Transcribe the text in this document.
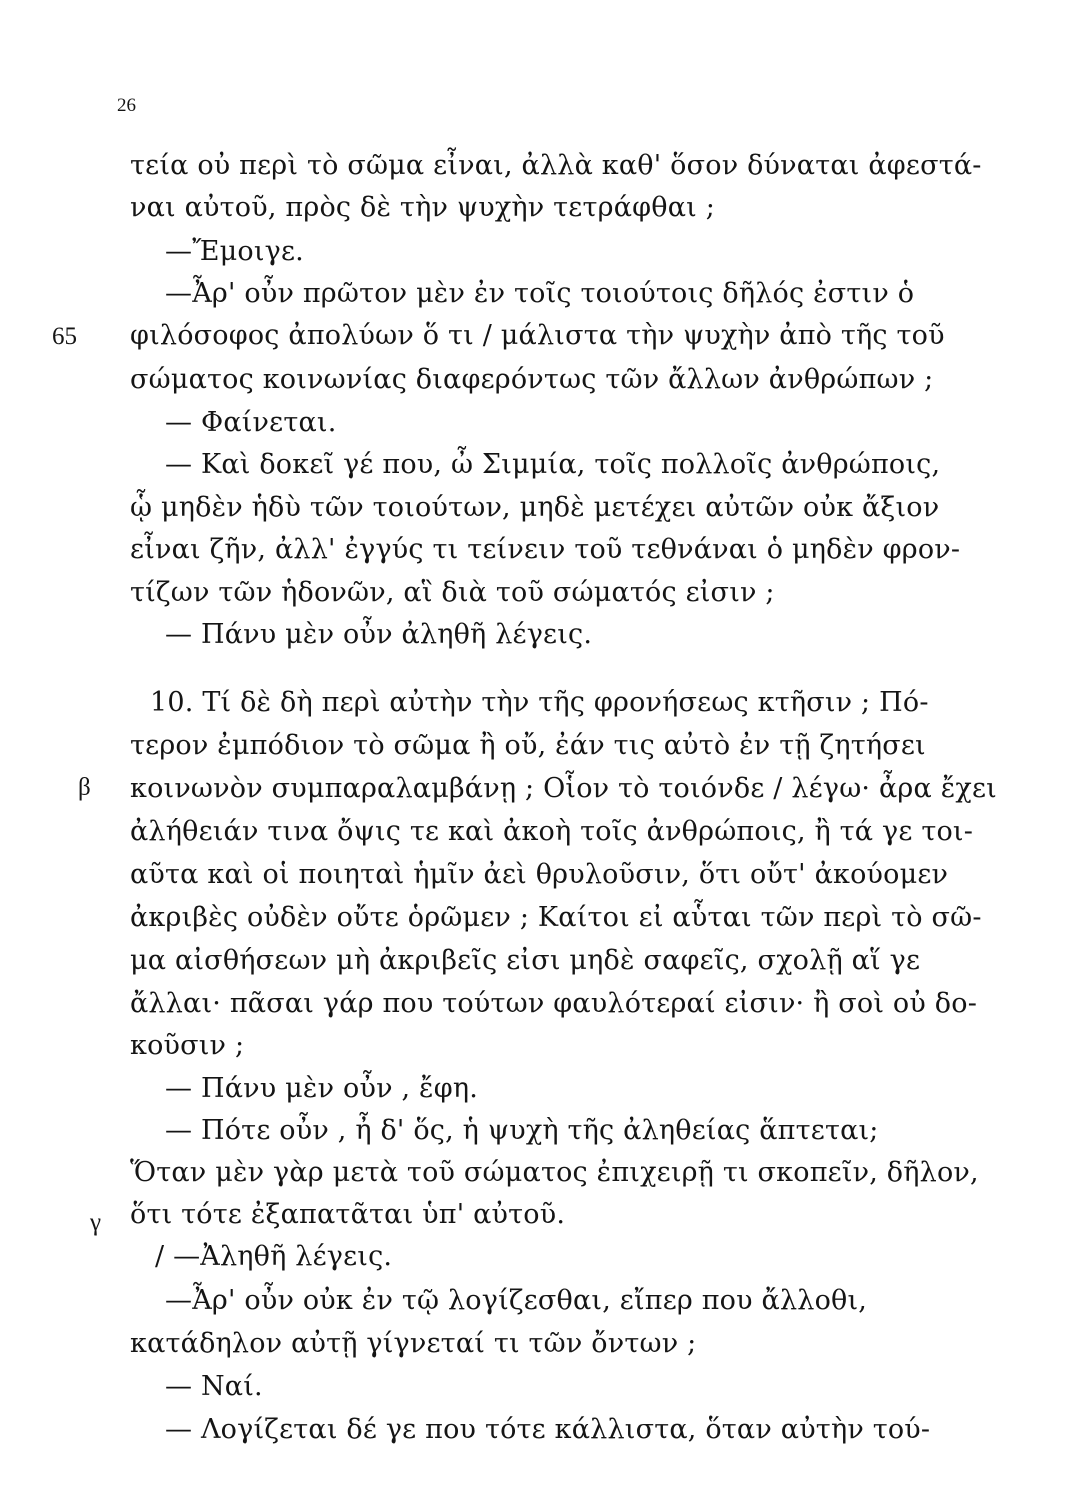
26
65
β
γ
τεία οὐ περὶ τὸ σῶμα εἶναι, ἀλλὰ καθ' ὅσον δύναται ἀφεστά-
ναι αὐτοῦ, πρὸς δὲ τὴν ψυχὴν τετράφθαι ;
—Ἔμοιγε.
—Ἆρ' οὖν πρῶτον μὲν ἐν τοῖς τοιούτοις δῆλός ἐστιν ὁ
φιλόσοφος ἀπολύων ὅ τι / μάλιστα τὴν ψυχὴν ἀπὸ τῆς τοῦ
σώματος κοινωνίας διαφερόντως τῶν ἄλλων ἀνθρώπων ;
— Φαίνεται.
— Καὶ δοκεῖ γέ που, ὦ Σιμμία, τοῖς πολλοῖς ἀνθρώποις,
ᾧ μηδὲν ἡδὺ τῶν τοιούτων, μηδὲ μετέχει αὐτῶν οὐκ ἄξιον
εἶναι ζῆν, ἀλλ' ἐγγύς τι τείνειν τοῦ τεθνάναι ὁ μηδὲν φρον-
τίζων τῶν ἡδονῶν, αἳ διὰ τοῦ σώματός εἰσιν ;
— Πάνυ μὲν οὖν ἀληθῆ λέγεις.
10. Τί δὲ δὴ περὶ αὐτὴν τὴν τῆς φρονήσεως κτῆσιν ; Πό-
τερον ἐμπόδιον τὸ σῶμα ἢ οὔ, ἐάν τις αὐτὸ ἐν τῇ ζητήσει
κοινωνὸν συμπαραλαμβάνῃ ; Οἷον τὸ τοιόνδε / λέγω· ἆρα ἔχει
ἀλήθειάν τινα ὄψις τε καὶ ἀκοὴ τοῖς ἀνθρώποις, ἢ τά γε τοι-
αῦτα καὶ οἱ ποιηταὶ ἡμῖν ἀεὶ θρυλοῦσιν, ὅτι οὔτ' ἀκούομεν
ἀκριβὲς οὐδὲν οὔτε ὁρῶμεν ; Καίτοι εἰ αὗται τῶν περὶ τὸ σῶ-
μα αἰσθήσεων μὴ ἀκριβεῖς εἰσι μηδὲ σαφεῖς, σχολῇ αἵ γε
ἄλλαι· πᾶσαι γάρ που τούτων φαυλότεραί εἰσιν· ἢ σοὶ οὐ δο-
κοῦσιν ;
— Πάνυ μὲν οὖν , ἔφη.
— Πότε οὖν , ἦ δ' ὅς, ἡ ψυχὴ τῆς ἀληθείας ἅπτεται;
Ὅταν μὲν γὰρ μετὰ τοῦ σώματος ἐπιχειρῇ τι σκοπεῖν, δῆλον,
ὅτι τότε ἐξαπατᾶται ὑπ' αὐτοῦ.
/ —Ἀληθῆ λέγεις.
—Ἆρ' οὖν οὐκ ἐν τῷ λογίζεσθαι, εἴπερ που ἄλλοθι,
κατάδηλον αὐτῇ γίγνεταί τι τῶν ὄντων ;
— Ναί.
— Λογίζεται δέ γε που τότε κάλλιστα, ὅταν αὐτὴν τού-
